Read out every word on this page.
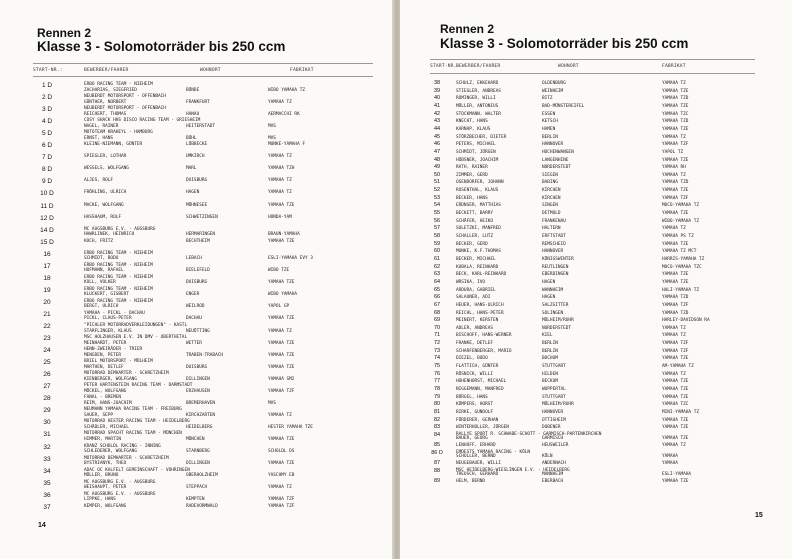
Rennen 2
Klasse 3 - Solomotorräder bis 250 ccm
START-NR.:	BEWERBER/FAHRER	WOHNORT	FABRIKAT
1 D	ERBO RACING TEAM - NIEHEIM
ZACHARIAS, SIEGFRIED	BÜNDE	WIBO YAMAHA TZ
2 D	NEUBERDT MOTORSPORT - OFFENBACH
GÜNTHER, NORBERT	FRANKFURT	YAMAHA TZ
3 D	NEUBERDT MOTORSPORT - OFFENBACH
REICHERT, THOMAS	HANAU	AERMACCHI RK
4 D	COSY SHACK HHS DISCO RACING TEAM - GRIESHEIM
NAGEL, RAINER	HEITERSTADT	MVS
5 D	MOTOTEAM KRAHEYL - HAMBURG
ERNST, HANS	BÜHL	MVS
6 D	KLEINE-NIEMANN, GÜNTER	LÜBBECKE	MUNKE-YAMAHA F
7 D	SPIEGLER, LOTHAR	UMKIRCH	YAMAHA TZ
8 D	WESSELS, WOLFGANG	MARL	YAMAHA TZH
9 D	ALJES, ROLF	DUISBURG	YAMAHA TZ
10 D	FRÖHLING, ULRICH	HAGEN	YAMAHA TZ
11 D	MACKE, WOLFGANG	MÖHNESEE	YAMAHA TZE
12 D	HASSHAUM, ROLF	SCHWETZINGEN	HONDA-YAM
14 D	MC AUGSBURG E.V. - AUGSBURG
HAWRLINEK, HEINRICH	HERMARINGEN	BRAUN-YAMAHA
15 D	KOCH, FRITZ	BECHTHEIM	YAMAHA TZE
16	ERBO RACING TEAM - NIEHEIM
SCHMIDT, BODO	LEBACH	ESLI-YAMAHA EVY 3
17	ERBO RACING TEAM - NIEHEIM
HOFMANN, RAFAEL	BIELEFELD	WIBO TZE
18	ERBO RACING TEAM - NIEHEIM
KOLL, VOLKER	DUISBURG	YAMAHA TZE
19	ERBO RACING TEAM - NIEHEIM
KLUCKERT, GISBERT	ENGER	WIBO YAMAHA
20	ERBO RACING TEAM - NIEHEIM
BERGT, ULRICH	WEILROD	YAPOL GP
21	YAMAHA - PICKL - DACHAU
PICKL, CLAUS-PETER	DACHAU	YAMAHA TZE
22	"PICHLER MOTORRADVERKLEIDUNGEN" - KASTL
STARFLINGER, KLAUS	NEUÖTTING	YAMAHA TZ
23	MSC HOLZHAUSEN E.V. IN DMV - OBERTHETAL
MEINHARDT, PETER	WETTER	YAMAHA TZE
24	HENN-ZWEIRÄDER - TRIER
MENGDEN, PETER	TRABEN-TRABACH	YAMAHA TZE
25	BRIEL MOTORSPORT - MÜLHEIM
MARTHEN, DETLEF	DUISBURG	YAMAHA TZE
26	MOTORRAD DEMHARTER - SCHRETZHEIM
KIENBERGER, WOLFGANG	DILLINGEN	YAMAHA SM2
27	PETER HARTENSTEIN RACING TEAM - DARMSTADT
MÖCKEL, WOLFGANG	ERZHAUSEN	YAMAHA TZF
28	FANAL - BREMEN
REIM, HANS-JOACHIM	BREMERHAVEN	MVS
29	NEUMANN YAMAHA RACING TEAM - FREIBURG
SAUER, SEPP	KIRCHZARTEN	YAMAHA TZ
30	MOTORRAD HESTER RACING TEAM - HEIDELBERG
SCHÄDLER, MICHAEL	HEIDELBERG	HESTER YAMAHA TZE
31	MOTORRAD SPACHT RACING TEAM - MÜNCHEN
HIMMER, MARTIN	MÜNCHEN	YAMAHA TZE
32	KRANZ SCHOLDL RACING - INNING
SCHLEDERER, WOLFGANG	STARNBERG	SCHOLDL DS
33	MOTORRAD DEMHARTER - SCHRETZHEIM
BYSTRIANYK, THEO	DILLINGEN	YAMAHA TZE
34	ADAC OC KALFELT GEMEINSCHAFT - VOHRINGEN
MÜLLER, BRUNO	OBERHOLZHEIM	YASCHMY EB
35	MC AUGSBURG E.V. - AUGSBURG
WEISHAUPT, PETER	STEPPACH	YAMAHA TZ
36	MC AUGSBURG E.V. - AUGSBURG
LIPPKE, HANS	KEMPTEN	YAMAHA TZF
37	KEMPER, WOLFGANG	RADEVORMWALD	YAMAHA TZF
14
Rennen 2
Klasse 3 - Solomotorräder bis 250 ccm
START-NR.:
BEWERBER/FAHRER	WOHNORT	FABRIKAT
38	SCHULZ, EKKEHARD	OLDENBURG	YAMAHA TZ
39	STIEGLER, ANDREAS	WEINHEIM	YAMAHA TZE
40	ROMINGER, WILLI	BITZ	YAMAHA TZD
41	MÜLLER, ANTONIUS	BAD-MÜNSTEREIFEL	YAMAHA TZE
42	STOCKMANN, WALTER	ESSEN	YAMAHA TZC
43	KNECHT, HANS	KETSCH	YAMAHA TZD
44	KARNAP, KLAUS	HAMEN	YAMAHA TZE
45	STÖRZBECHER, DIETER	BERLIN	YAMAHA TZ
46	PETERS, MICHAEL	HANNOVER	YAMAHA TZF
47	SCHMIDT, JÜRGEN	HOCHENWANGEN	YAPOL TZ
48	HÜBSNER, JOACHIM	LANGENHINE	YAMAHA TZE
49	RATH, RAINER	NORDERSTEDT	YAMAHA RH
50	ZIMMER, GERD	SIEGEN	YAMAHA TZ
51	OSENDORFER, JOHANN	BABING	YAMAHA TZD
52	ROSENTHAL, KLAUS	KIRCHEN	YAMAHA TZE
53	BECKER, HANS	KIRCHEN	YAMAHA TZF
54	ERDNSER, MATTHIAS	SINGEN	MOCO-YAMAHA TZ
55	BECKETT, BARRY	DETMOLD	YAMAHA TZE
56	SCHÄFER, HEIKO	FRANKENAU	WIBO-YAMAHA TZ
57	SULETZKI, MANFRED	HALTERN	YAMAHA TZ
58	SCHALLER, LUTZ	ERFTSTADT	YAMAHA PS TZ
59	BECKER, GERD	REMSCHEID	YAMAHA TZE
60	MUNKE, K.F.THOMAS	HANNOVER	YAMAHA TZ MCT
61	BECKER, MICHAEL	KÖNIGSWINTER	HARRIS-YAMAHA TZ
62	KUBALA, REINHARD	REUTLINGEN	MOCO-YAMAHA TZC
63	BECK, KARL-REINHARD	EBERDINGEN	YAMAHA TZE
64	WRSIKA, IVO	HAGEN	YAMAHA TZE
65	ARDURA, GABRIEL	WANNHEIM	HALI-YAMAHA TZ
66	SALAUNER, ADI	HAGEN	YAMAHA TZD
67	HEUER, HANS-ULRICH	SALZGITTER	YAMAHA TZF
68	REICHL, HANS-PETER	SOLINGEN	YAMAHA TZD
69	MEINERT, KERSTEN	MÜLHEIM/RUHR	HARLEY-DAVIDSON RA
70	ADLER, ANDREAS	NORDERSTEDT	YAMAHA TZ
71	BISCHOFF, HANS-WERNER	KIEL	YAMAHA TZ
72	FRANKE, DETLEF	BERLIN	YAMAHA TZF
73	SCHARFENBERGER, MARIO	BERLIN	YAMAHA TZF
74	DIEZEL, BODO	BOCHUM	YAMAHA TZE
75	FLATTICH, GÜNTER	STUTTGART	AM-YAMAHA TZ
76	RÖSNICK, WILLI	HILDEN	YAMAHA TZ
77	HOHENHORST, MICHAEL	BECKUM	YAMAHA TZE
78	NIGGEMANN, MANFRED	WUPPERTAL	YAMAHA TZE
79	BÜRGEL, HANS	STUTTGART	YAMAHA TZE
80	KÜMPERS, HORST	MÜLHEIM/RUHR	YAMAHA TZC
81	BIRKE, GUNDOLF	HANNOVER	MINI-YAMAHA TZ
82	FÖRDERER, GERHAN	OTTIGHEIM	YAMAHA TZE
83	WINTERHOLLER, JÜRGEN	DOBENER	YAMAHA TZE
84	RALLYE SPORT R. SCHWABE-SCHOTT - GARMISCH-PARTENKIRCHEN
BAUER, GEORG	GARMISCH	YAMAHA TZE
85	LENHOFF, ERHARD	HEUSWEILER	YAMAHA TZ
86 D	EMDESTS YAMAHA RACING - KÖLN
SCHULLER, BERND	KÖLN	YAMAHA
87	NEUGEBAUER, WILLI	ANDERNACH	YAMAHA
88	MSC HEIDELBERG-WIESLINGEN E.V. - HEIDELBERG
TREUSCH, GERHARD	MANNHEIM	ESLI-YAMAHA
89	HELM, BERND	EBERBACH	YAMAHA TZE
15
